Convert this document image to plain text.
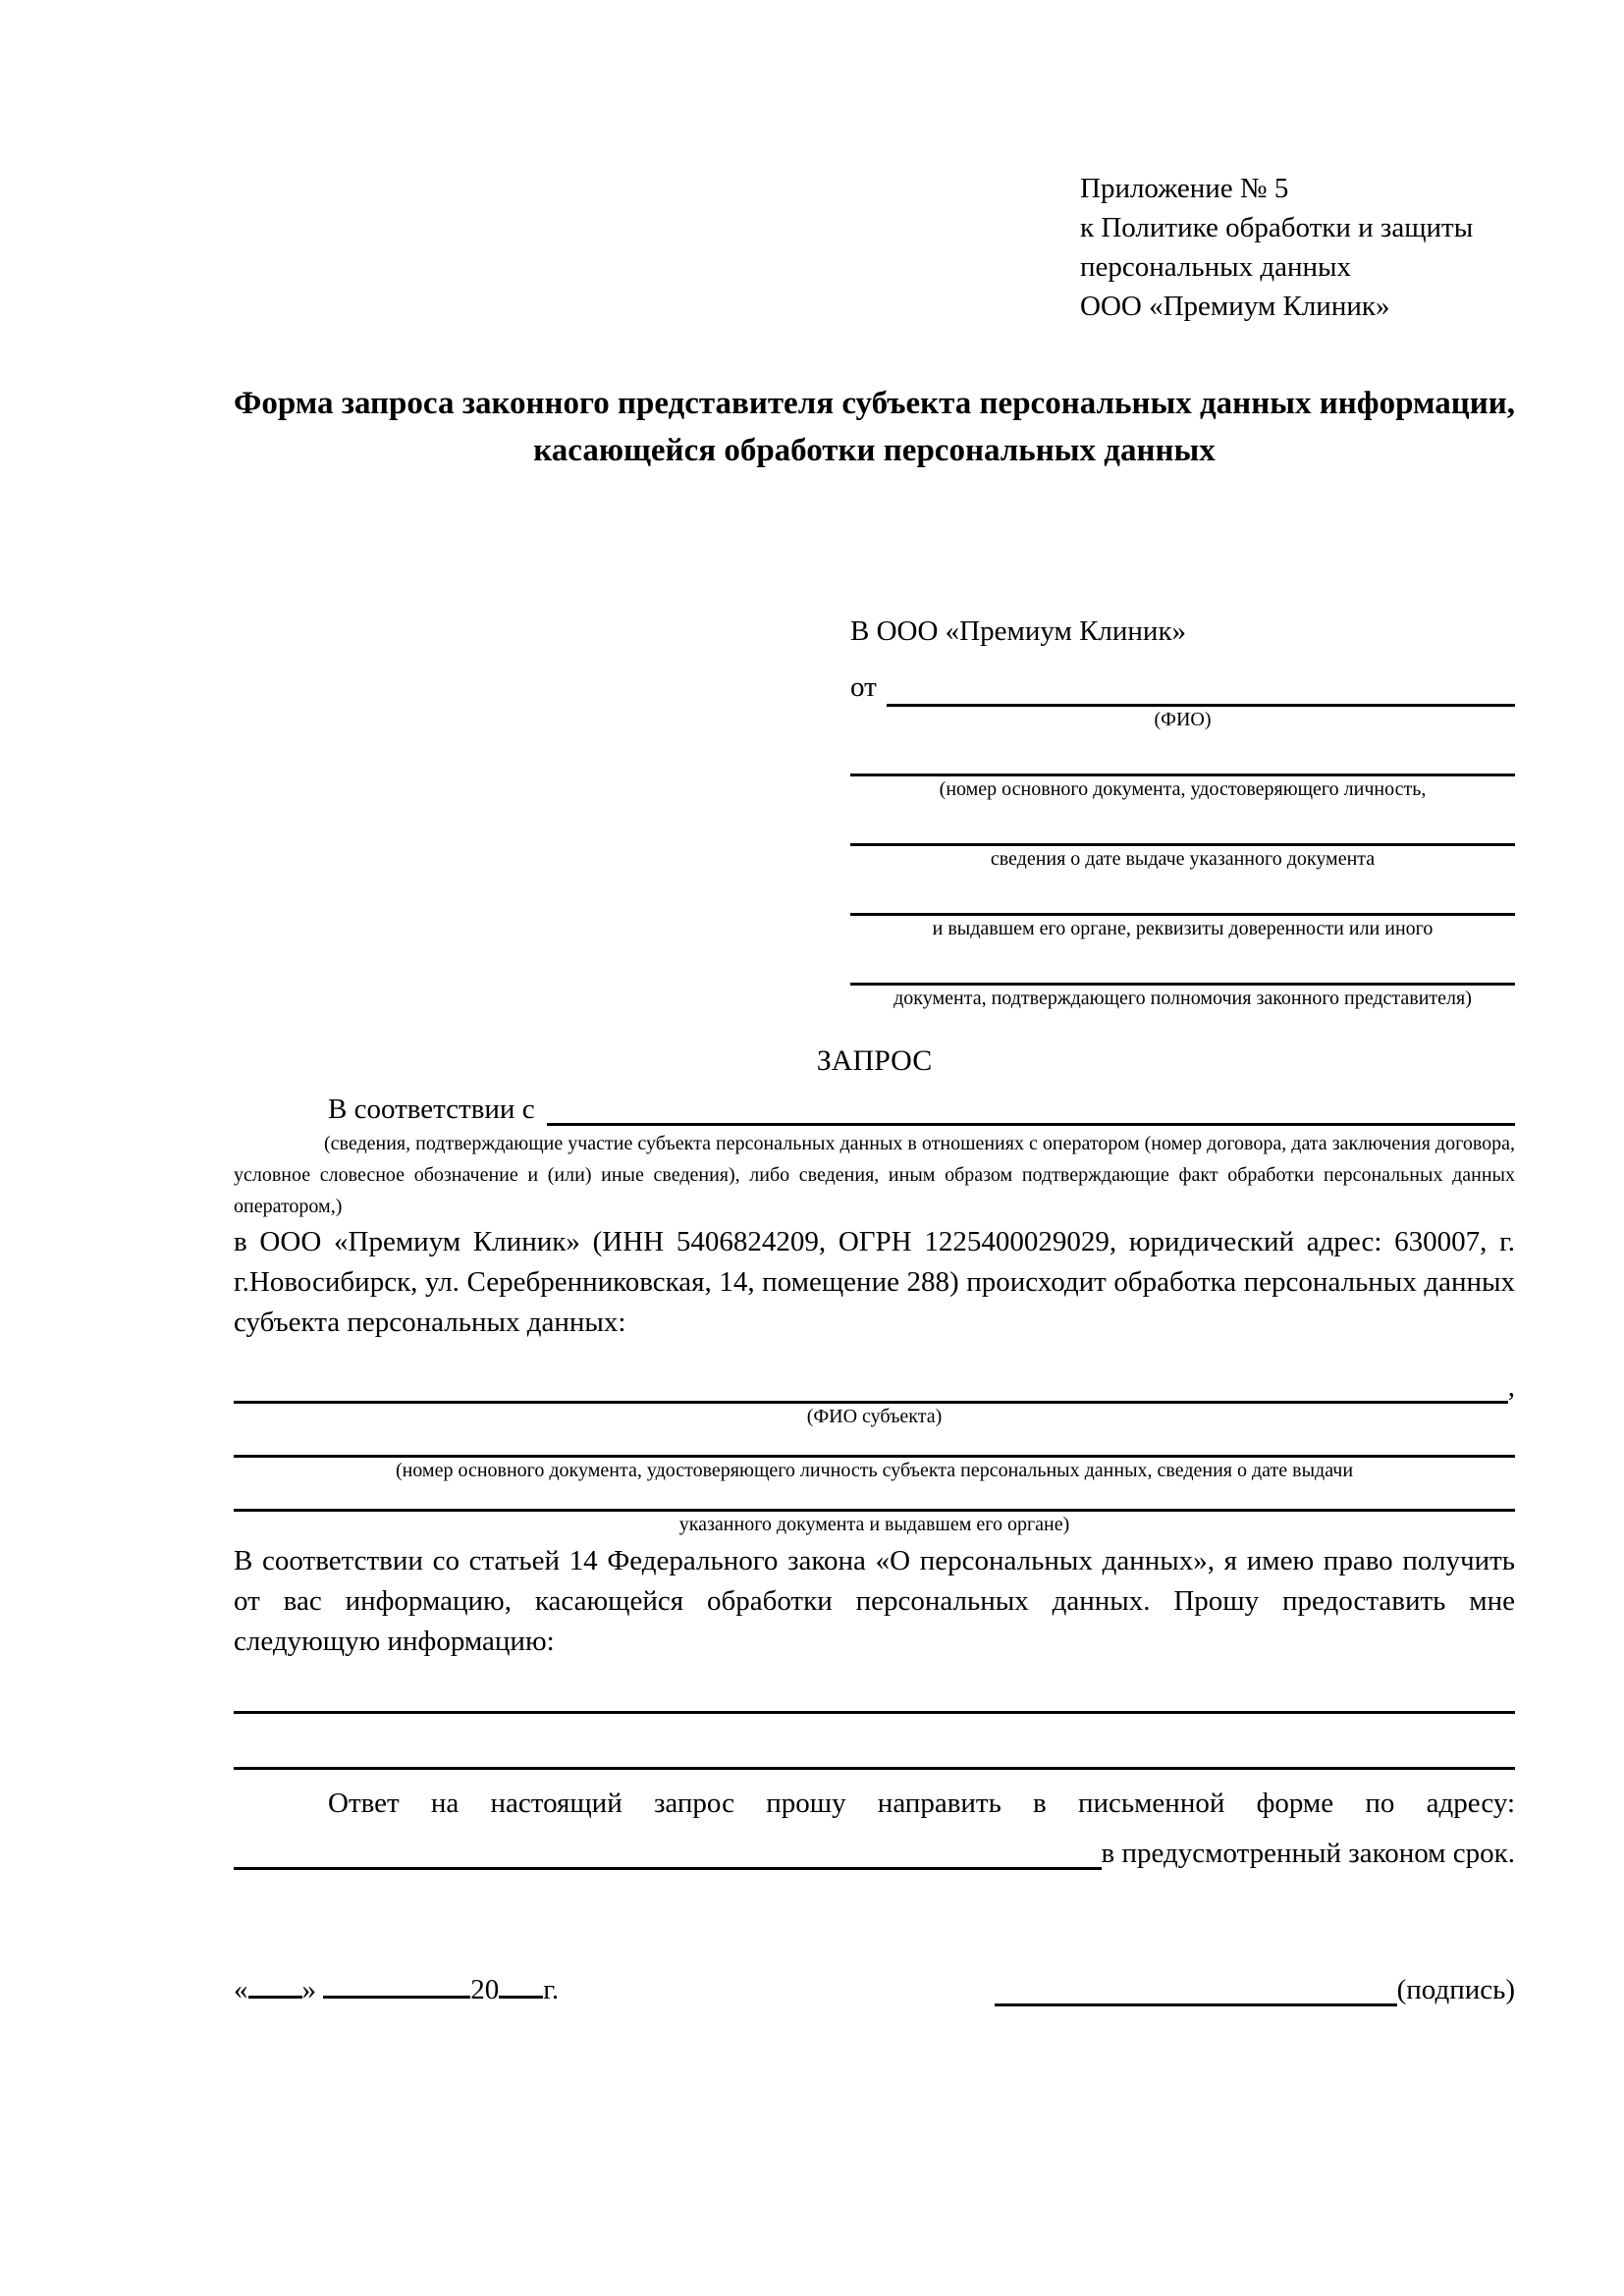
Приложение № 5
к Политике обработки и защиты
персональных данных
ООО «Премиум Клиник»
Форма запроса законного представителя субъекта персональных данных информации, касающейся обработки персональных данных
В ООО «Премиум Клиник»
от
(ФИО)
(номер основного документа, удостоверяющего личность,
сведения о дате выдаче указанного документа
и выдавшем его органе, реквизиты доверенности или иного
документа, подтверждающего полномочия законного представителя)
ЗАПРОС
В соответствии с
(сведения, подтверждающие участие субъекта персональных данных в отношениях с оператором (номер договора, дата заключения договора, условное словесное обозначение и (или) иные сведения), либо сведения, иным образом подтверждающие факт обработки персональных данных оператором,)

в ООО «Премиум Клиник» (ИНН 5406824209, ОГРН 1225400029029, юридический адрес: 630007, г. г.Новосибирск, ул. Серебренниковская, 14, помещение 288) происходит обработка персональных данных субъекта персональных данных:

,
(ФИО субъекта)
(номер основного документа, удостоверяющего личность субъекта персональных данных, сведения о дате выдачи
указанного документа и выдавшем его органе)

В соответствии со статьей 14 Федерального закона «О персональных данных», я имею право получить от вас информацию, касающейся обработки персональных данных. Прошу предоставить мне следующую информацию:

Ответ на настоящий запрос прошу направить в письменной форме по адресу:

в предусмотренный законом срок.
« »	20 г.	(подпись)
